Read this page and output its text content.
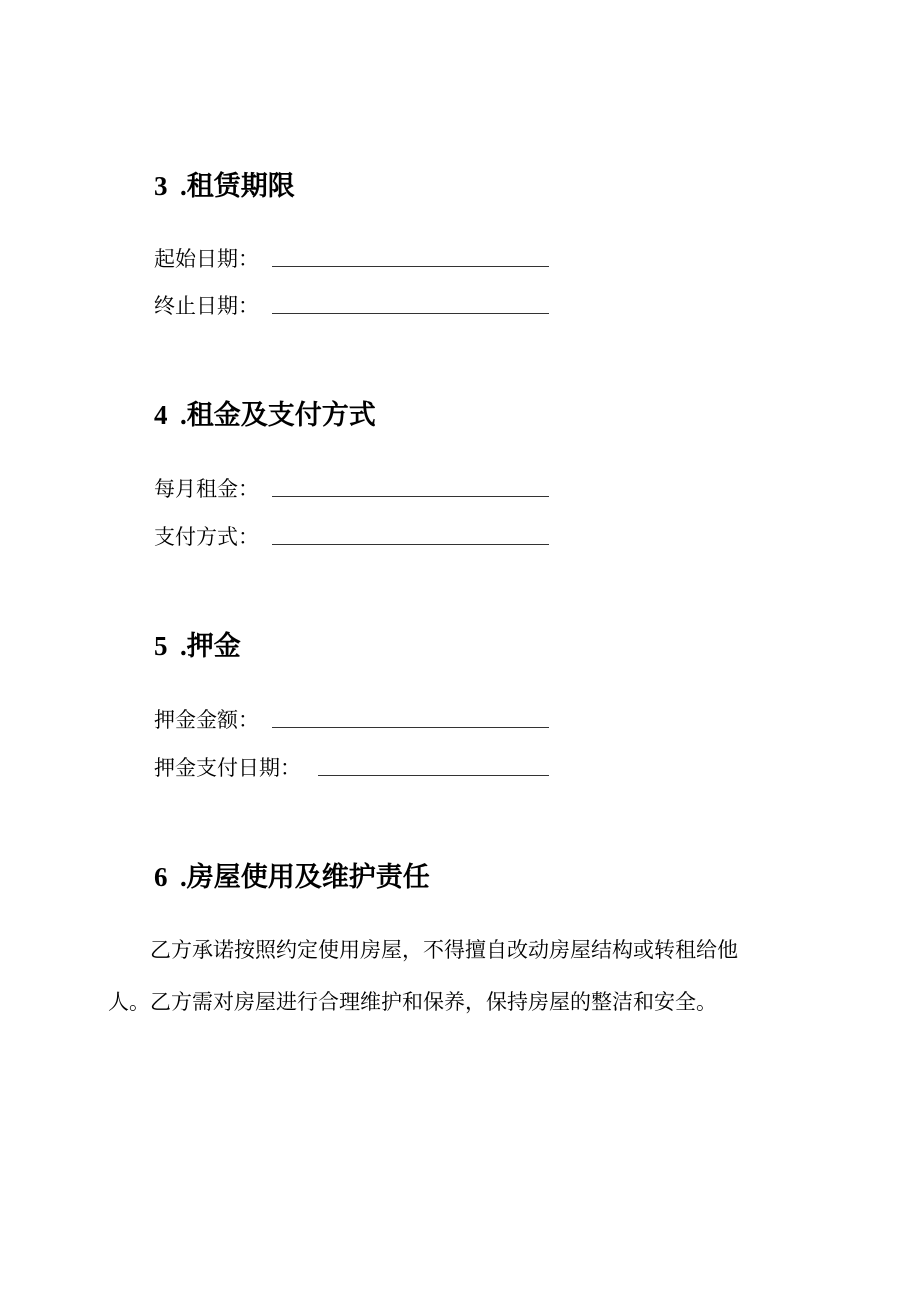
3 .租赁期限
起始日期：
终止日期：
4 .租金及支付方式
每月租金：
支付方式：
5 .押金
押金金额：
押金支付日期：
6 .房屋使用及维护责任
　　乙方承诺按照约定使用房屋，不得擅自改动房屋结构或转租给他
人。乙方需对房屋进行合理维护和保养，保持房屋的整洁和安全。
